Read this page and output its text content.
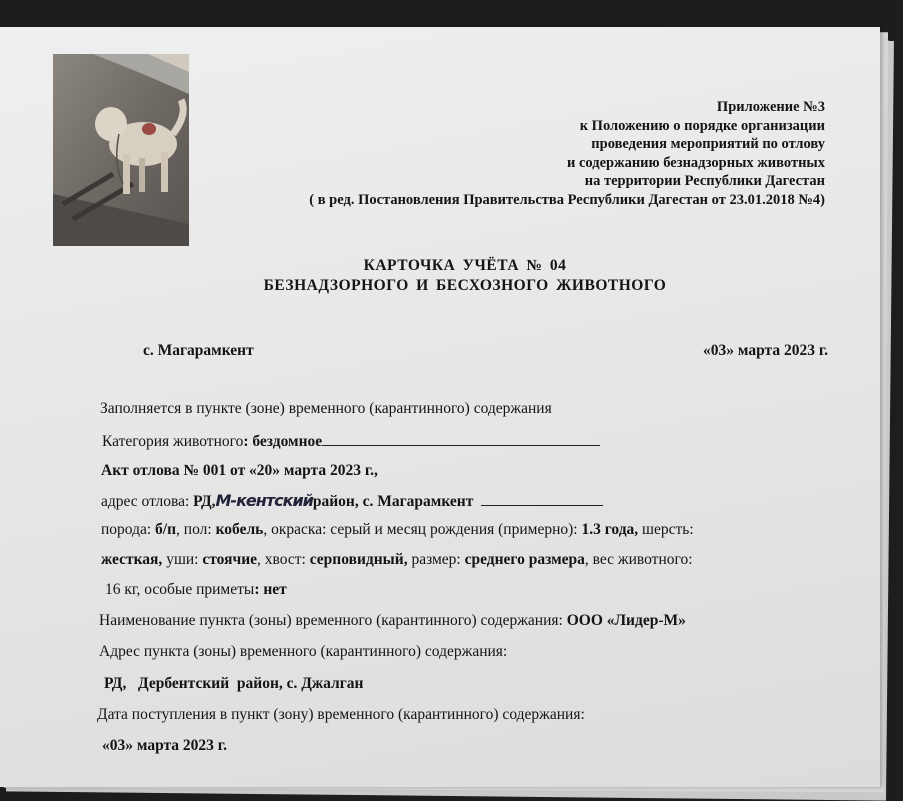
Приложение №3
к Положению о порядке организации
проведения мероприятий по отлову
и содержанию безнадзорных животных
на территории Республики Дагестан
( в ред. Постановления Правительства Республики Дагестан от 23.01.2018 №4)
КАРТОЧКА УЧЁТА № 04
БЕЗНАДЗОРНОГО И БЕСХОЗНОГО ЖИВОТНОГО
с. Магарамкент	«03» марта 2023 г.
Заполняется в пункте (зоне) временного (карантинного) содержания
Категория животного: бездомное
Акт отлова № 001 от «20» марта 2023 г.,
адрес отлова: РД,М-кентскийрайон, с. Магарамкент
порода: б/п, пол: кобель, окраска: серый и месяц рождения (примерно): 1.3 года, шерсть:
жесткая, уши: стоячие, хвост: серповидный, размер: среднего размера, вес животного:
16 кг, особые приметы: нет
Наименование пункта (зоны) временного (карантинного) содержания: ООО «Лидер-М»
Адрес пункта (зоны) временного (карантинного) содержания:
РД,   Дербентский  район, с. Джалган
Дата поступления в пункт (зону) временного (карантинного) содержания:
«03» марта 2023 г.
